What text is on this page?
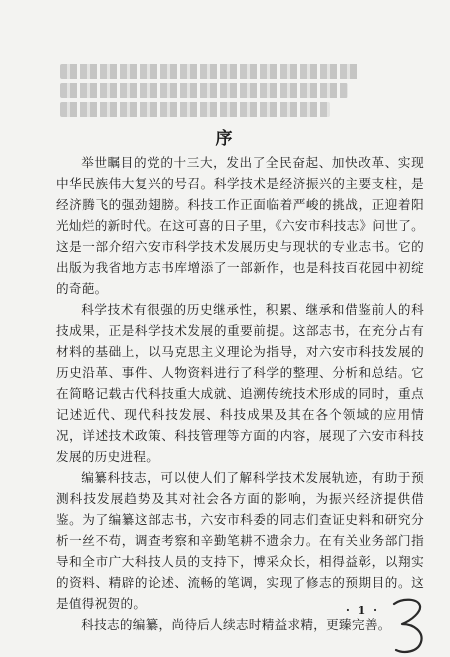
序

举世瞩目的党的十三大，发出了全民奋起、加快改革、实现中华民族伟大复兴的号召。科学技术是经济振兴的主要支柱，是经济腾飞的强劲翅膀。科技工作正面临着严峻的挑战，正迎着阳光灿烂的新时代。在这可喜的日子里，《六安市科技志》问世了。这是一部介绍六安市科学技术发展历史与现状的专业志书。它的出版为我省地方志书库增添了一部新作，也是科技百花园中初绽的奇葩。

科学技术有很强的历史继承性，积累、继承和借鉴前人的科技成果，正是科学技术发展的重要前提。这部志书，在充分占有材料的基础上，以马克思主义理论为指导，对六安市科技发展的历史沿革、事件、人物资料进行了科学的整理、分析和总结。它在简略记载古代科技重大成就、追溯传统技术形成的同时，重点记述近代、现代科技发展、科技成果及其在各个领域的应用情况，详述技术政策、科技管理等方面的内容，展现了六安市科技发展的历史进程。

编纂科技志，可以使人们了解科学技术发展轨迹，有助于预测科技发展趋势及其对社会各方面的影响，为振兴经济提供借鉴。为了编纂这部志书，六安市科委的同志们查证史料和研究分析一丝不苟，调查考察和辛勤笔耕不遗余力。在有关业务部门指导和全市广大科技人员的支持下，博采众长，相得益彰，以翔实的资料、精辟的论述、流畅的笔调，实现了修志的预期目的。这是值得祝贺的。

科技志的编纂，尚待后人续志时精益求精，更臻完善。

· 1 ·
